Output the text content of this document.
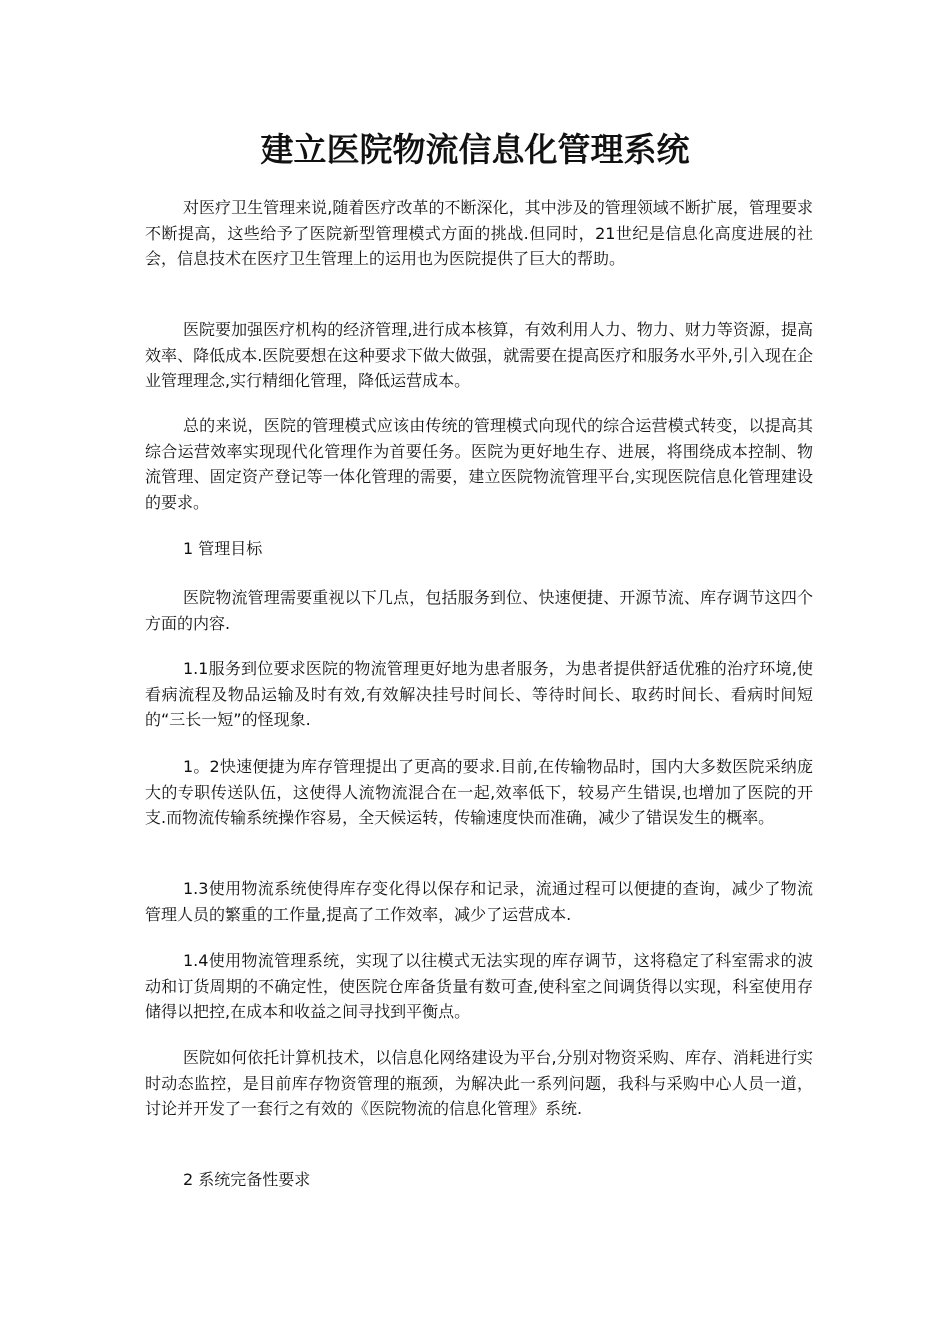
建立医院物流信息化管理系统

对医疗卫生管理来说,随着医疗改革的不断深化，其中涉及的管理领域不断扩展，管理要求不断提高，这些给予了医院新型管理模式方面的挑战.但同时，21世纪是信息化高度进展的社会，信息技术在医疗卫生管理上的运用也为医院提供了巨大的帮助。

医院要加强医疗机构的经济管理,进行成本核算，有效利用人力、物力、财力等资源，提高效率、降低成本.医院要想在这种要求下做大做强，就需要在提高医疗和服务水平外,引入现在企业管理理念,实行精细化管理，降低运营成本。

总的来说，医院的管理模式应该由传统的管理模式向现代的综合运营模式转变，以提高其综合运营效率实现现代化管理作为首要任务。医院为更好地生存、进展，将围绕成本控制、物流管理、固定资产登记等一体化管理的需要，建立医院物流管理平台,实现医院信息化管理建设的要求。

1 管理目标

医院物流管理需要重视以下几点，包括服务到位、快速便捷、开源节流、库存调节这四个方面的内容.

1.1服务到位要求医院的物流管理更好地为患者服务，为患者提供舒适优雅的治疗环境,使看病流程及物品运输及时有效,有效解决挂号时间长、等待时间长、取药时间长、看病时间短的“三长一短”的怪现象.

1。2快速便捷为库存管理提出了更高的要求.目前,在传输物品时，国内大多数医院采纳庞大的专职传送队伍，这使得人流物流混合在一起,效率低下，较易产生错误,也增加了医院的开支.而物流传输系统操作容易，全天候运转，传输速度快而准确，减少了错误发生的概率。

1.3使用物流系统使得库存变化得以保存和记录，流通过程可以便捷的查询，减少了物流管理人员的繁重的工作量,提高了工作效率，减少了运营成本.

1.4使用物流管理系统，实现了以往模式无法实现的库存调节，这将稳定了科室需求的波动和订货周期的不确定性，使医院仓库备货量有数可查,使科室之间调货得以实现，科室使用存储得以把控,在成本和收益之间寻找到平衡点。

医院如何依托计算机技术，以信息化网络建设为平台,分别对物资采购、库存、消耗进行实时动态监控，是目前库存物资管理的瓶颈，为解决此一系列问题，我科与采购中心人员一道，讨论并开发了一套行之有效的《医院物流的信息化管理》系统.

2 系统完备性要求
